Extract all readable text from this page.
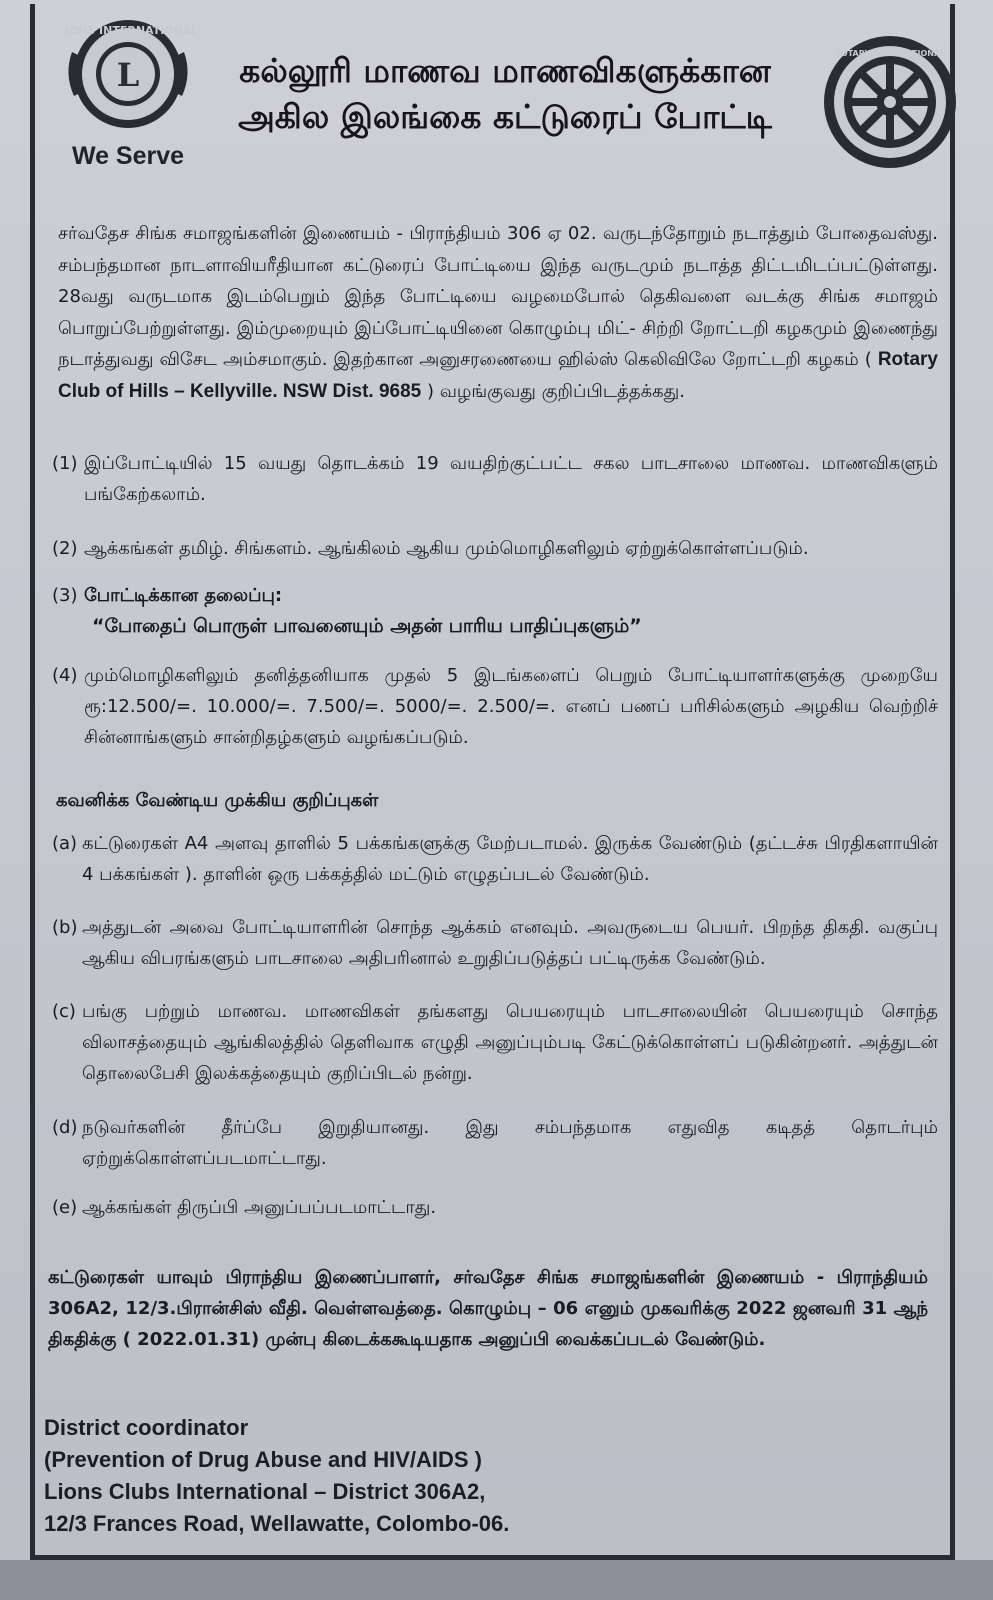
LIONS INTERNATIONAL
L
We Serve
கல்லூரி மாணவ மாணவிகளுக்கான
அகில இலங்கை கட்டுரைப் போட்டி
ROTARY INTERNATIONAL
சர்வதேச சிங்க சமாஜங்களின் இணையம் - பிராந்தியம் 306 ஏ 02. வருடந்தோறும் நடாத்தும் போதைவஸ்து. சம்பந்தமான நாடளாவியரீதியான கட்டுரைப் போட்டியை இந்த வருடமும் நடாத்த திட்டமிடப்பட்டுள்ளது. 28வது வருடமாக இடம்பெறும் இந்த போட்டியை வழமைபோல் தெகிவளை வடக்கு சிங்க சமாஜம் பொறுப்பேற்றுள்ளது. இம்முறையும் இப்போட்டியினை கொழும்பு மிட்- சிற்றி றோட்டறி கழகமும் இணைந்து நடாத்துவது விசேட அம்சமாகும். இதற்கான அனுசரணையை ஹில்ஸ் கெலிவிலே றோட்டறி கழகம் ( Rotary Club of Hills – Kellyville. NSW Dist. 9685 ) வழங்குவது குறிப்பிடத்தக்கது.
(1) இப்போட்டியில் 15 வயது தொடக்கம் 19 வயதிற்குட்பட்ட சகல பாடசாலை மாணவ. மாணவிகளும் பங்கேற்கலாம்.
(2) ஆக்கங்கள் தமிழ். சிங்களம். ஆங்கிலம் ஆகிய மும்மொழிகளிலும் ஏற்றுக்கொள்ளப்படும்.
(3) போட்டிக்கான தலைப்பு:
“போதைப் பொருள் பாவனையும் அதன் பாரிய பாதிப்புகளும்”
(4) மும்மொழிகளிலும் தனித்தனியாக முதல் 5 இடங்களைப் பெறும் போட்டியாளர்களுக்கு முறையே ரூ:12.500/=. 10.000/=. 7.500/=. 5000/=. 2.500/=. எனப் பணப் பரிசில்களும் அழகிய வெற்றிச் சின்னாங்களும் சான்றிதழ்களும் வழங்கப்படும்.
கவனிக்க வேண்டிய முக்கிய குறிப்புகள்
(a) கட்டுரைகள் A4 அளவு தாளில் 5 பக்கங்களுக்கு மேற்படாமல். இருக்க வேண்டும் (தட்டச்சு பிரதிகளாயின் 4 பக்கங்கள் ). தாளின் ஒரு பக்கத்தில் மட்டும் எழுதப்படல் வேண்டும்.
(b) அத்துடன் அவை போட்டியாளரின் சொந்த ஆக்கம் எனவும். அவருடைய பெயர். பிறந்த திகதி. வகுப்பு ஆகிய விபரங்களும் பாடசாலை அதிபரினால் உறுதிப்படுத்தப் பட்டிருக்க வேண்டும்.
(c) பங்கு பற்றும் மாணவ. மாணவிகள் தங்களது பெயரையும் பாடசாலையின் பெயரையும் சொந்த விலாசத்தையும் ஆங்கிலத்தில் தெளிவாக எழுதி அனுப்பும்படி கேட்டுக்கொள்ளப் படுகின்றனர். அத்துடன் தொலைபேசி இலக்கத்தையும் குறிப்பிடல் நன்று.
(d) நடுவர்களின் தீர்ப்பே இறுதியானது. இது சம்பந்தமாக எதுவித கடிதத் தொடர்பும் ஏற்றுக்கொள்ளப்படமாட்டாது.
(e) ஆக்கங்கள் திருப்பி அனுப்பப்படமாட்டாது.
கட்டுரைகள் யாவும் பிராந்திய இணைப்பாளர், சர்வதேச சிங்க சமாஜங்களின் இணையம் - பிராந்தியம் 306A2, 12/3.பிரான்சிஸ் வீதி. வெள்ளவத்தை. கொழும்பு – 06 எனும் முகவரிக்கு 2022 ஜனவரி 31 ஆந் திகதிக்கு ( 2022.01.31) முன்பு கிடைக்ககூடியதாக அனுப்பி வைக்கப்படல் வேண்டும்.
District coordinator
(Prevention of Drug Abuse and HIV/AIDS )
Lions Clubs International – District 306A2,
12/3 Frances Road, Wellawatte, Colombo-06.
